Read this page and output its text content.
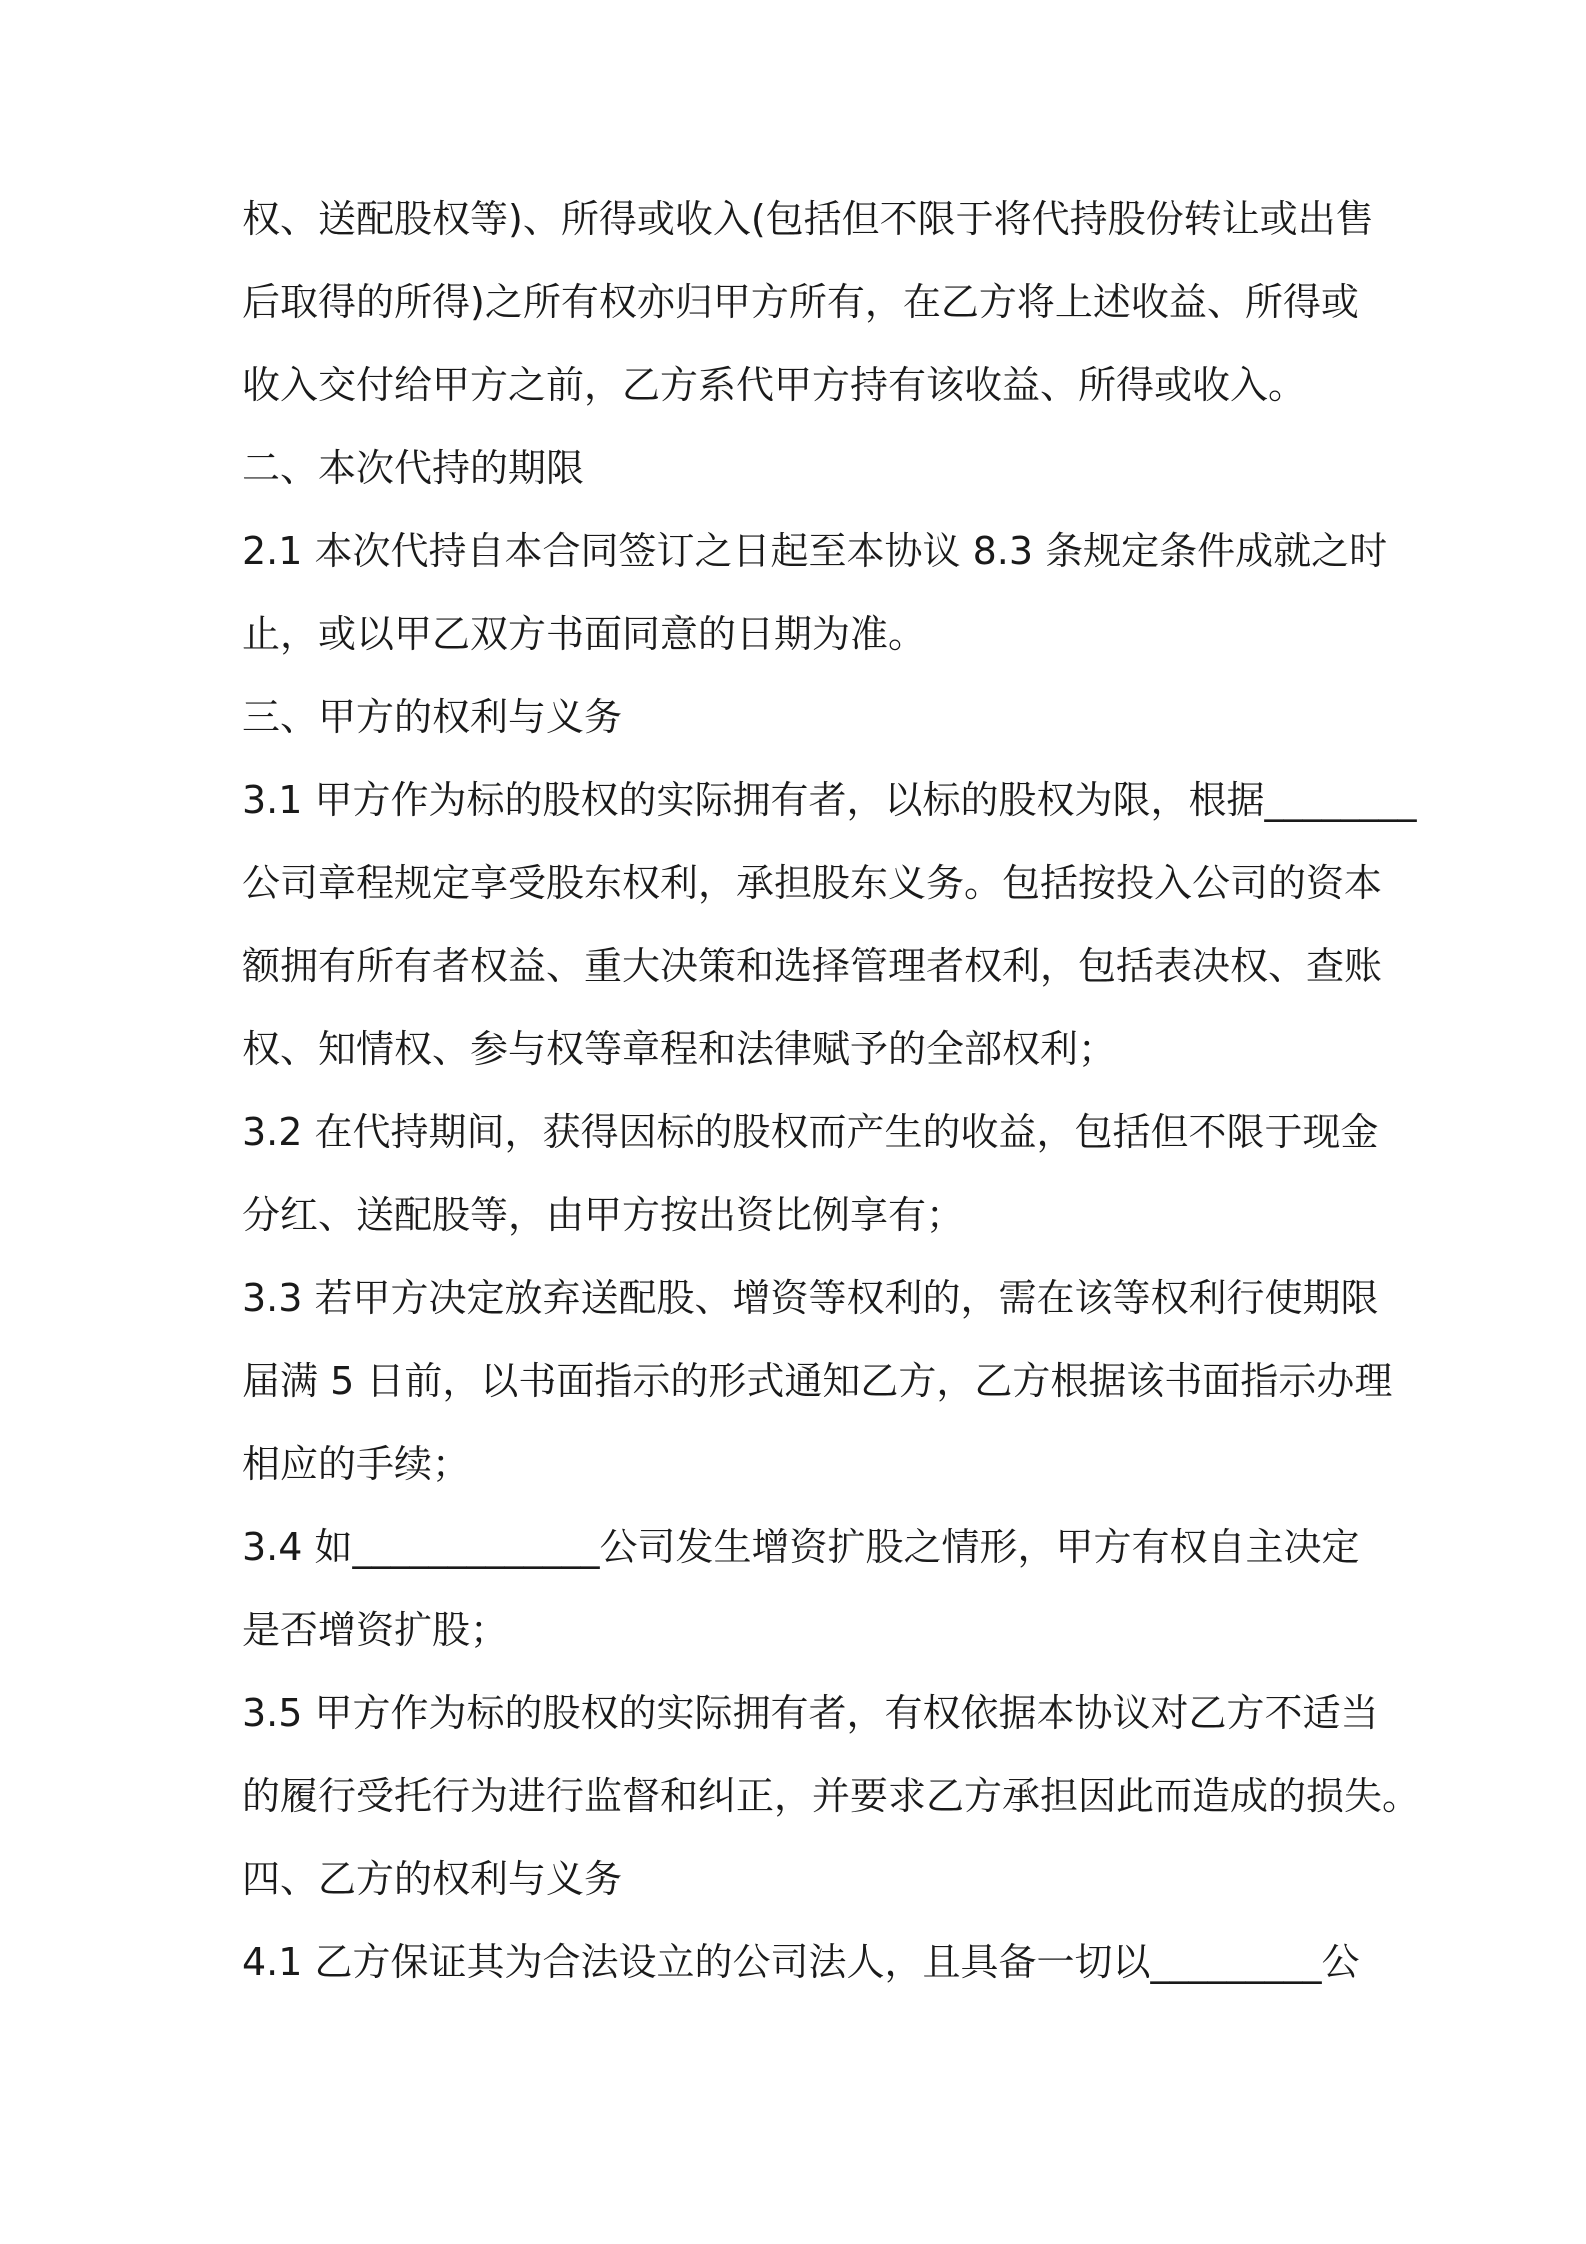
权、送配股权等)、所得或收入(包括但不限于将代持股份转让或出售
后取得的所得)之所有权亦归甲方所有，在乙方将上述收益、所得或
收入交付给甲方之前，乙方系代甲方持有该收益、所得或收入。
二、本次代持的期限
2.1 本次代持自本合同签订之日起至本协议 8.3 条规定条件成就之时
止，或以甲乙双方书面同意的日期为准。
三、甲方的权利与义务
3.1 甲方作为标的股权的实际拥有者，以标的股权为限，根据________
公司章程规定享受股东权利，承担股东义务。包括按投入公司的资本
额拥有所有者权益、重大决策和选择管理者权利，包括表决权、查账
权、知情权、参与权等章程和法律赋予的全部权利；
3.2 在代持期间，获得因标的股权而产生的收益，包括但不限于现金
分红、送配股等，由甲方按出资比例享有；
3.3 若甲方决定放弃送配股、增资等权利的，需在该等权利行使期限
届满 5 日前，以书面指示的形式通知乙方，乙方根据该书面指示办理
相应的手续；
3.4 如_____________公司发生增资扩股之情形，甲方有权自主决定
是否增资扩股；
3.5 甲方作为标的股权的实际拥有者，有权依据本协议对乙方不适当
的履行受托行为进行监督和纠正，并要求乙方承担因此而造成的损失。
四、乙方的权利与义务
4.1 乙方保证其为合法设立的公司法人，且具备一切以_________公
